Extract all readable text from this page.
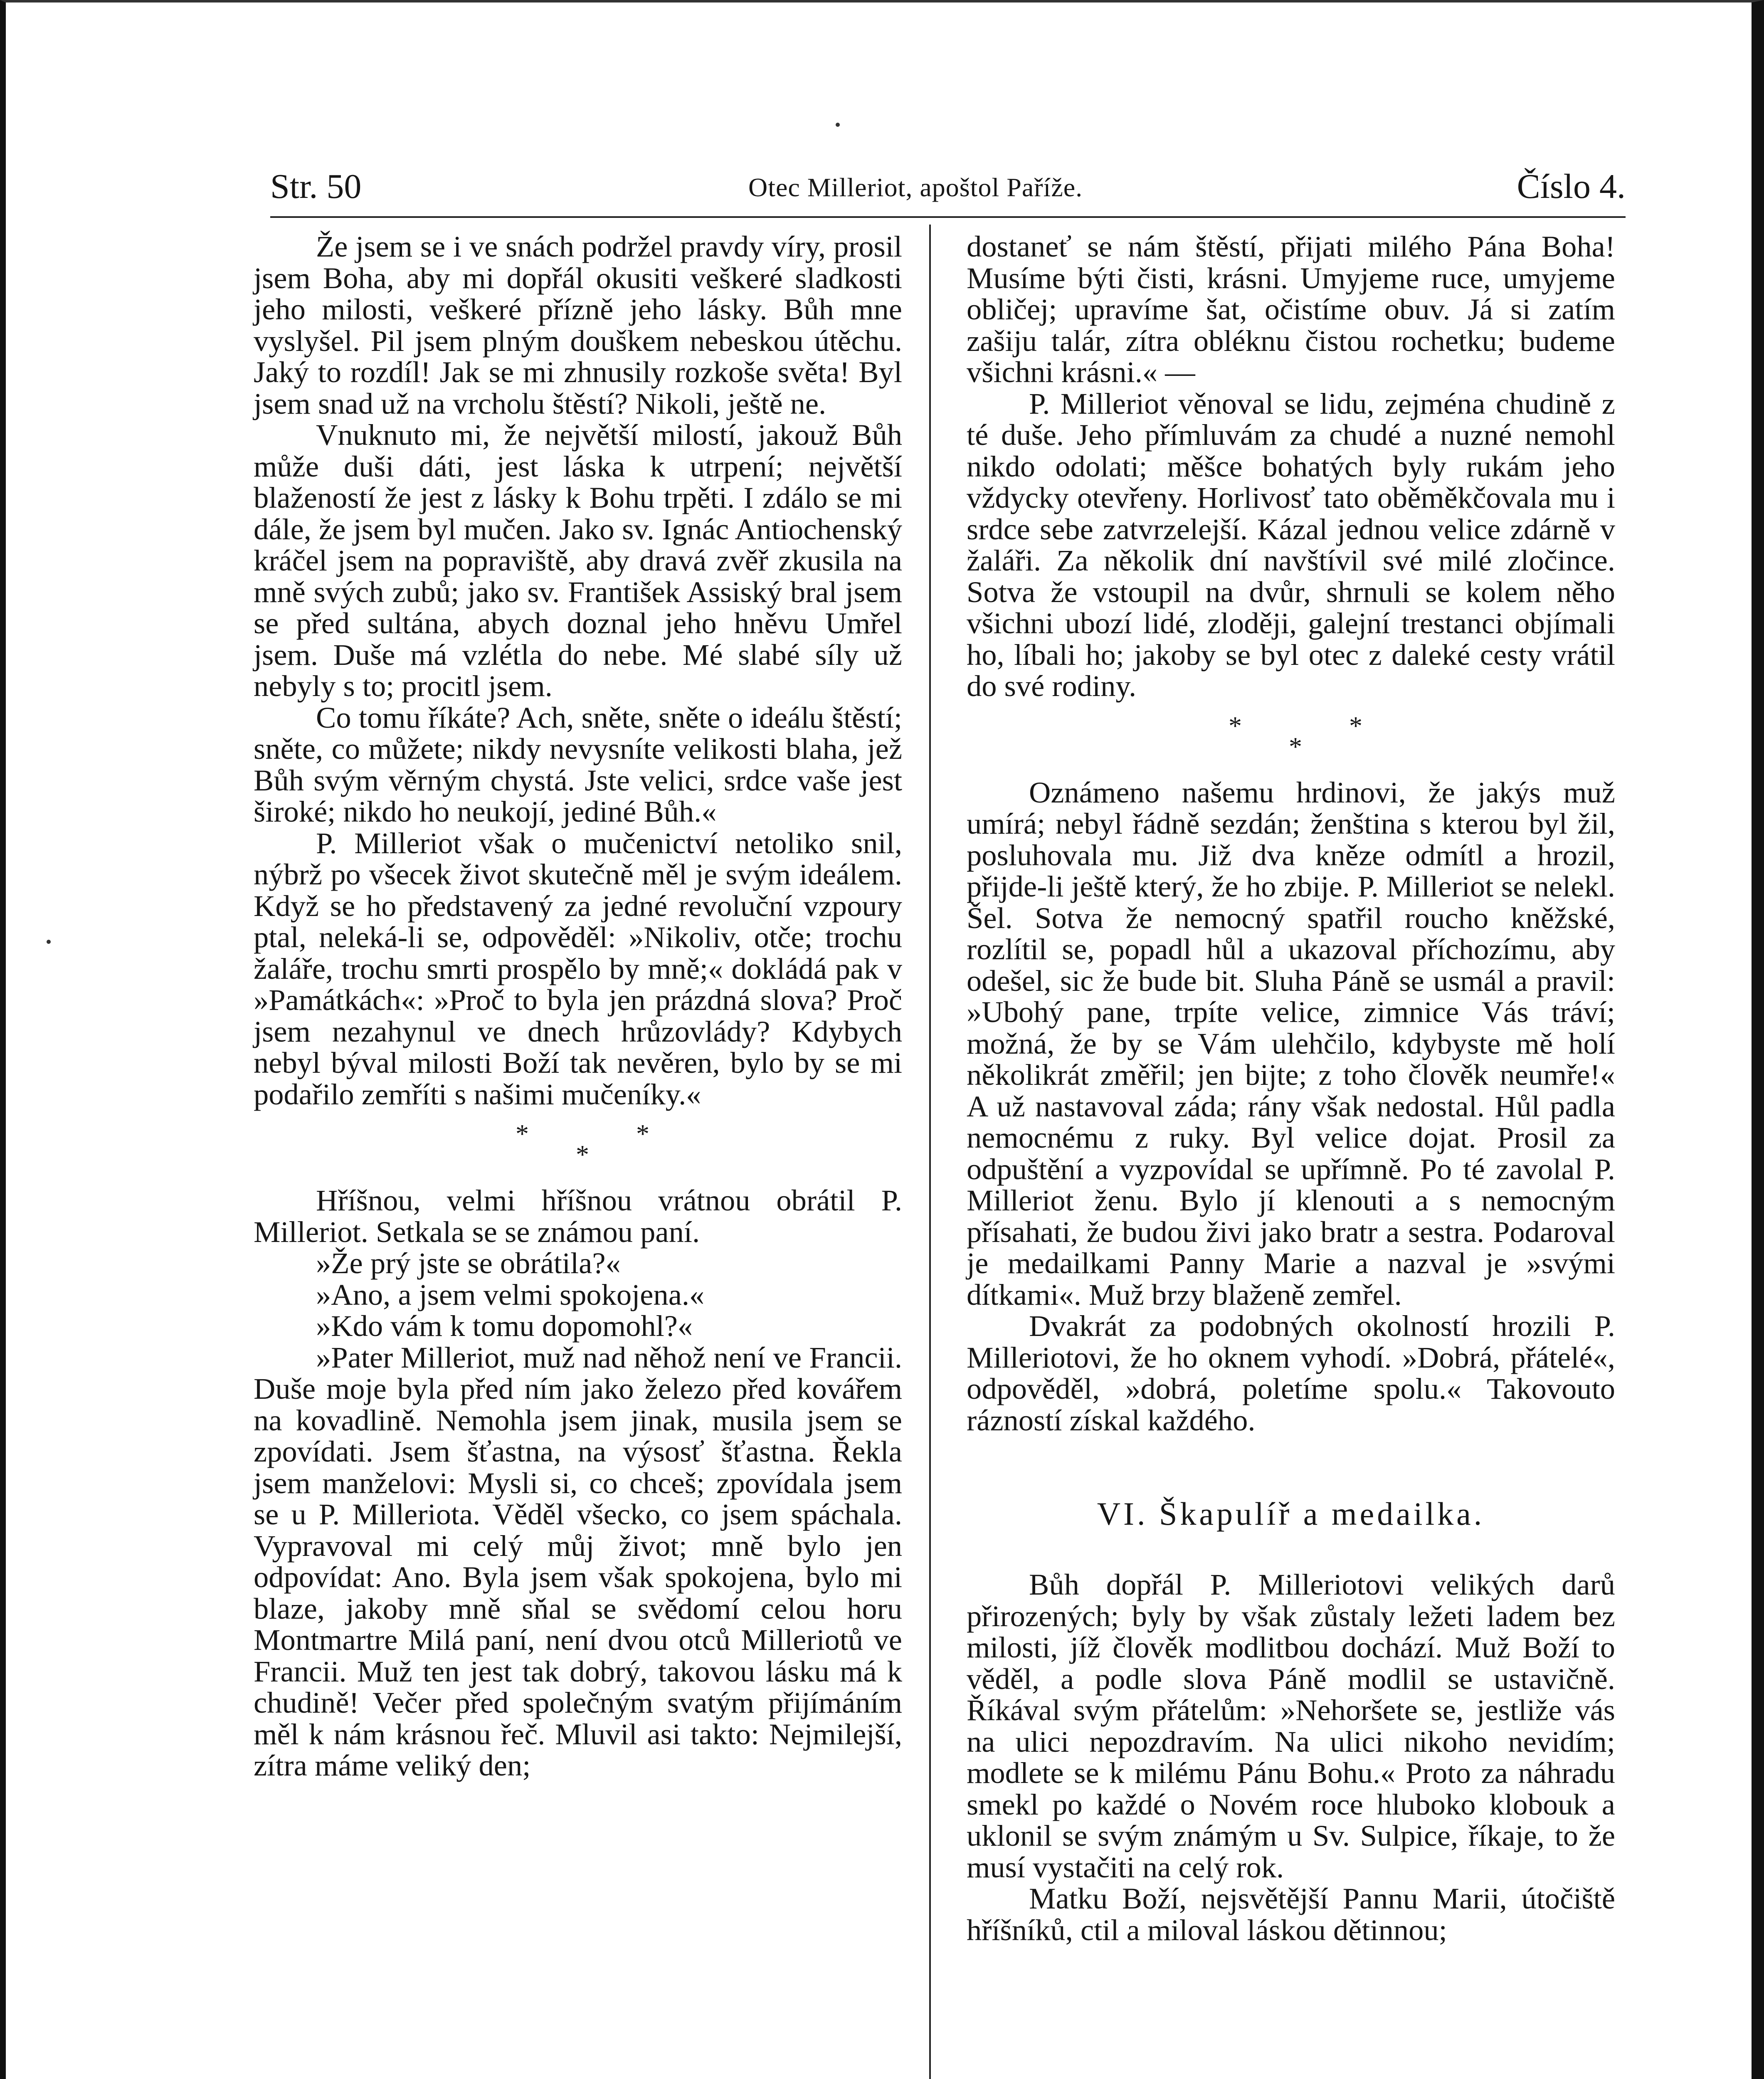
Str. 50	Otec Milleriot, apoštol Paříže.	Číslo 4.

Že jsem se i ve snách podržel pravdy víry, prosil jsem Boha, aby mi dopřál okusiti veškeré sladkosti jeho milosti, veškeré přízně jeho lásky. Bůh mne vyslyšel. Pil jsem plným douškem nebeskou útěchu. Jaký to rozdíl! Jak se mi zhnusily rozkoše světa! Byl jsem snad už na vrcholu štěstí? Nikoli, ještě ne.

Vnuknuto mi, že největší milostí, jakouž Bůh může duši dáti, jest láska k utrpení; největší blažeností že jest z lásky k Bohu trpěti. I zdálo se mi dále, že jsem byl mučen. Jako sv. Ignác Antiochenský kráčel jsem na popraviště, aby dravá zvěř zkusila na mně svých zubů; jako sv. František Assiský bral jsem se před sultána, abych doznal jeho hněvu Umřel jsem. Duše má vzlétla do nebe. Mé slabé síly už nebyly s to; procitl jsem.

Co tomu říkáte? Ach, sněte, sněte o ideálu štěstí; sněte, co můžete; nikdy nevysníte velikosti blaha, jež Bůh svým věrným chystá. Jste velici, srdce vaše jest široké; nikdo ho neukojí, jediné Bůh.«

P. Milleriot však o mučenictví netoliko snil, nýbrž po všecek život skutečně měl je svým ideálem. Když se ho představený za jedné revoluční vzpoury ptal, neleká-li se, odpověděl: »Nikoliv, otče; trochu žaláře, trochu smrti prospělo by mně;« dokládá pak v »Památkách«: »Proč to byla jen prázdná slova? Proč jsem nezahynul ve dnech hrůzovlády? Kdybych nebyl býval milosti Boží tak nevěren, bylo by se mi podařilo zemříti s našimi mučeníky.«

*	*
*

Hříšnou, velmi hříšnou vrátnou obrátil P. Milleriot. Setkala se se známou paní.

»Že prý jste se obrátila?«

»Ano, a jsem velmi spokojena.«

»Kdo vám k tomu dopomohl?«

»Pater Milleriot, muž nad něhož není ve Francii. Duše moje byla před ním jako železo před kovářem na kovadlině. Nemohla jsem jinak, musila jsem se zpovídati. Jsem šťastna, na výsosť šťastna. Řekla jsem manželovi: Mysli si, co chceš; zpovídala jsem se u P. Milleriota. Věděl všecko, co jsem spáchala. Vypravoval mi celý můj život; mně bylo jen odpovídat: Ano. Byla jsem však spokojena, bylo mi blaze, jakoby mně sňal se svědomí celou horu Montmartre Milá paní, není dvou otců Milleriotů ve Francii. Muž ten jest tak dobrý, takovou lásku má k chudině! Večer před společným svatým přijímáním měl k nám krásnou řeč. Mluvil asi takto: Nejmilejší, zítra máme veliký den;

dostaneť se nám štěstí, přijati milého Pána Boha! Musíme býti čisti, krásni. Umyjeme ruce, umyjeme obličej; upravíme šat, očistíme obuv. Já si zatím zašiju talár, zítra obléknu čistou rochetku; budeme všichni krásni.« —

P. Milleriot věnoval se lidu, zejména chudině z té duše. Jeho přímluvám za chudé a nuzné nemohl nikdo odolati; měšce bohatých byly rukám jeho vždycky otevřeny. Horlivosť tato oběměkčovala mu i srdce sebe zatvrzelejší. Kázal jednou velice zdárně v žaláři. Za několik dní navštívil své milé zločince. Sotva že vstoupil na dvůr, shrnuli se kolem něho všichni ubozí lidé, zloději, galejní trestanci objímali ho, líbali ho; jakoby se byl otec z daleké cesty vrátil do své rodiny.

*	*
*

Oznámeno našemu hrdinovi, že jakýs muž umírá; nebyl řádně sezdán; ženština s kterou byl žil, posluhovala mu. Již dva kněze odmítl a hrozil, přijde-li ještě který, že ho zbije. P. Milleriot se nelekl. Šel. Sotva že nemocný spatřil roucho kněžské, rozlítil se, popadl hůl a ukazoval příchozímu, aby odešel, sic že bude bit. Sluha Páně se usmál a pravil: »Ubohý pane, trpíte velice, zimnice Vás tráví; možná, že by se Vám ulehčilo, kdybyste mě holí několikrát změřil; jen bijte; z toho člověk neumře!« A už nastavoval záda; rány však nedostal. Hůl padla nemocnému z ruky. Byl velice dojat. Prosil za odpuštění a vyzpovídal se upřímně. Po té zavolal P. Milleriot ženu. Bylo jí klenouti a s nemocným přísahati, že budou živi jako bratr a sestra. Podaroval je medailkami Panny Marie a nazval je »svými dítkami«. Muž brzy blaženě zemřel.

Dvakrát za podobných okolností hrozili P. Milleriotovi, že ho oknem vyhodí. »Dobrá, přátelé«, odpověděl, »dobrá, poletíme spolu.« Takovouto rázností získal každého.

VI. Škapulíř a medailka.

Bůh dopřál P. Milleriotovi velikých darů přirozených; byly by však zůstaly ležeti ladem bez milosti, jíž člověk modlitbou dochází. Muž Boží to věděl, a podle slova Páně modlil se ustavičně. Říkával svým přátelům: »Nehoršete se, jestliže vás na ulici nepozdravím. Na ulici nikoho nevidím; modlete se k milému Pánu Bohu.« Proto za náhradu smekl po každé o Novém roce hluboko klobouk a uklonil se svým známým u Sv. Sulpice, říkaje, to že musí vystačiti na celý rok.

Matku Boží, nejsvětější Pannu Marii, útočiště hříšníků, ctil a miloval láskou dětinnou;
